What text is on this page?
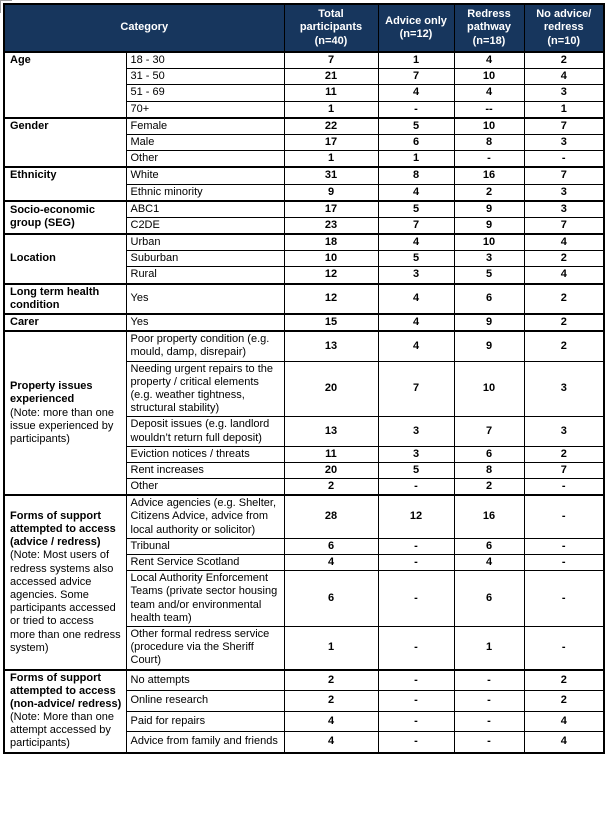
Category		Total participants (n=40)	Advice only (n=12)	Redress pathway (n=18)	No advice/ redress (n=10)

Age	18 - 30	7	1	4	2
	31 - 50	21	7	10	4
	51 - 69	11	4	4	3
	70+	1	-	--	1

Gender	Female	22	5	10	7
	Male	17	6	8	3
	Other	1	1	-	-

Ethnicity	White	31	8	16	7
	Ethnic minority	9	4	2	3

Socio-economic group (SEG)	ABC1	17	5	9	3
	C2DE	23	7	9	7

Location	Urban	18	4	10	4
	Suburban	10	5	3	2
	Rural	12	3	5	4

Long term health condition	Yes	12	4	6	2

Carer	Yes	15	4	9	2

Property issues experienced
(Note: more than one issue experienced by participants)	Poor property condition (e.g. mould, damp, disrepair)	13	4	9	2
	Needing urgent repairs to the property / critical elements (e.g. weather tightness, structural stability)	20	7	10	3
	Deposit issues (e.g. landlord wouldn’t return full deposit)	13	3	7	3
	Eviction notices / threats	11	3	6	2
	Rent increases	20	5	8	7
	Other	2	-	2	-

Forms of support attempted to access (advice / redress)
(Note: Most users of redress systems also accessed advice agencies. Some participants accessed or tried to access more than one redress system)	Advice agencies (e.g. Shelter, Citizens Advice, advice from local authority or solicitor)	28	12	16	-
	Tribunal	6	-	6	-
	Rent Service Scotland	4	-	4	-
	Local Authority Enforcement Teams (private sector housing team and/or environmental health team)	6	-	6	-
	Other formal redress service (procedure via the Sheriff Court)	1	-	1	-

Forms of support attempted to access (non-advice/ redress)
(Note: More than one attempt accessed by participants)	No attempts	2	-	-	2
	Online research	2	-	-	2
	Paid for repairs	4	-	-	4
	Advice from family and friends	4	-	-	4
